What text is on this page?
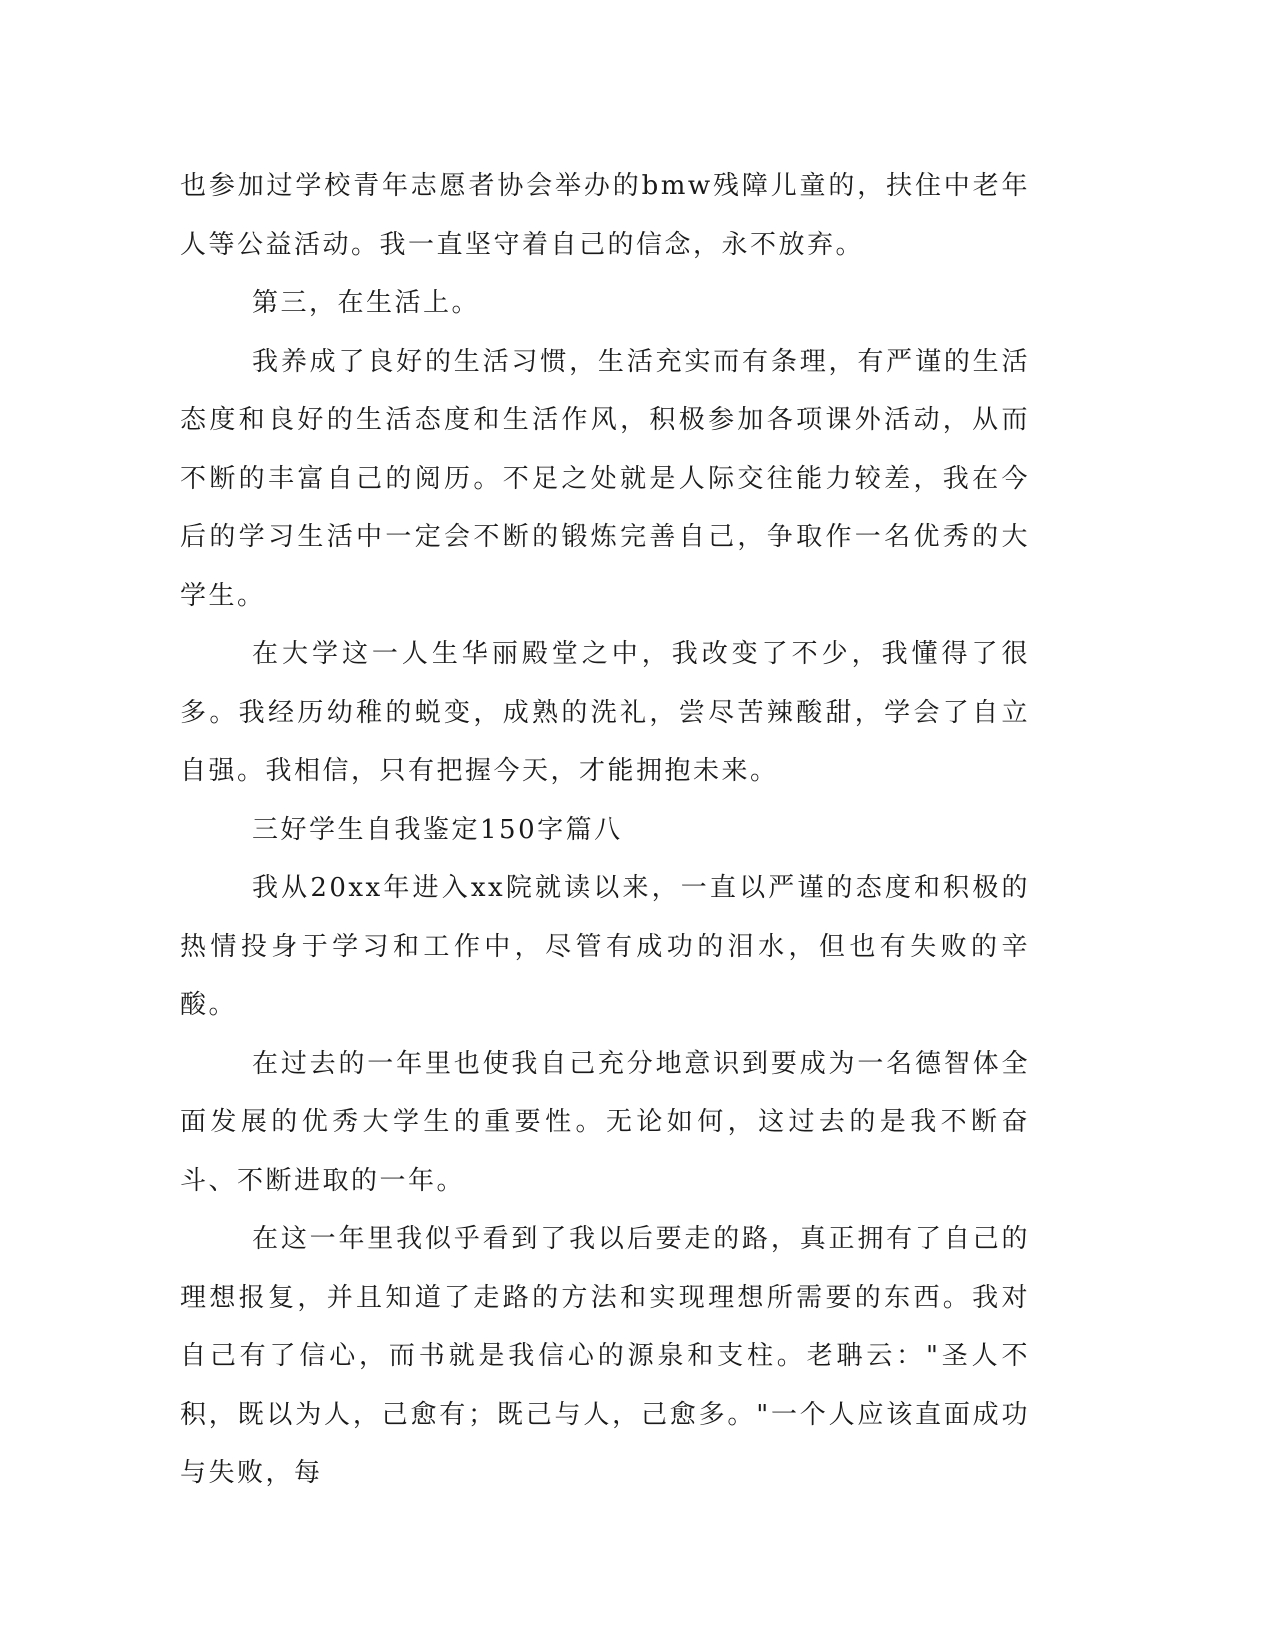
也参加过学校青年志愿者协会举办的bmw残障儿童的，扶住中老年人等公益活动。我一直坚守着自己的信念，永不放弃。

第三，在生活上。

我养成了良好的生活习惯，生活充实而有条理，有严谨的生活态度和良好的生活态度和生活作风，积极参加各项课外活动，从而不断的丰富自己的阅历。不足之处就是人际交往能力较差，我在今后的学习生活中一定会不断的锻炼完善自己，争取作一名优秀的大学生。

在大学这一人生华丽殿堂之中，我改变了不少，我懂得了很多。我经历幼稚的蜕变，成熟的洗礼，尝尽苦辣酸甜，学会了自立自强。我相信，只有把握今天，才能拥抱未来。

三好学生自我鉴定150字篇八

我从20xx年进入xx院就读以来，一直以严谨的态度和积极的热情投身于学习和工作中，尽管有成功的泪水，但也有失败的辛酸。

在过去的一年里也使我自己充分地意识到要成为一名德智体全面发展的优秀大学生的重要性。无论如何，这过去的是我不断奋斗、不断进取的一年。

在这一年里我似乎看到了我以后要走的路，真正拥有了自己的理想报复，并且知道了走路的方法和实现理想所需要的东西。我对自己有了信心，而书就是我信心的源泉和支柱。老聃云："圣人不积，既以为人，己愈有；既己与人，己愈多。"一个人应该直面成功与失败，每
